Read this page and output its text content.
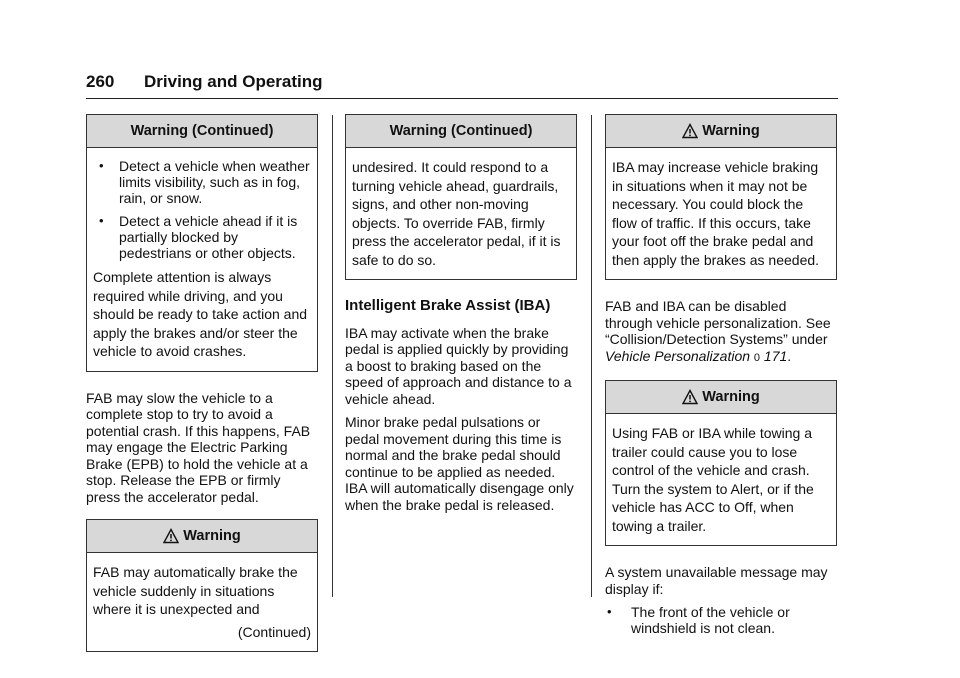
260 Driving and Operating
Warning (Continued)
•	Detect a vehicle when weather limits visibility, such as in fog, rain, or snow.
•	Detect a vehicle ahead if it is partially blocked by pedestrians or other objects.

Complete attention is always required while driving, and you should be ready to take action and apply the brakes and/or steer the vehicle to avoid crashes.

FAB may slow the vehicle to a complete stop to try to avoid a potential crash. If this happens, FAB may engage the Electric Parking Brake (EPB) to hold the vehicle at a stop. Release the EPB or firmly press the accelerator pedal.

Warning

FAB may automatically brake the vehicle suddenly in situations where it is unexpected and

(Continued)

Warning (Continued)

undesired. It could respond to a turning vehicle ahead, guardrails, signs, and other non-moving objects. To override FAB, firmly press the accelerator pedal, if it is safe to do so.

Intelligent Brake Assist (IBA)

IBA may activate when the brake pedal is applied quickly by providing a boost to braking based on the speed of approach and distance to a vehicle ahead.

Minor brake pedal pulsations or pedal movement during this time is normal and the brake pedal should continue to be applied as needed. IBA will automatically disengage only when the brake pedal is released.

Warning

IBA may increase vehicle braking in situations when it may not be necessary. You could block the flow of traffic. If this occurs, take your foot off the brake pedal and then apply the brakes as needed.

FAB and IBA can be disabled through vehicle personalization. See “Collision/Detection Systems” under Vehicle Personalization 0 171.

Warning

Using FAB or IBA while towing a trailer could cause you to lose control of the vehicle and crash. Turn the system to Alert, or if the vehicle has ACC to Off, when towing a trailer.

A system unavailable message may display if:

•	The front of the vehicle or windshield is not clean.
